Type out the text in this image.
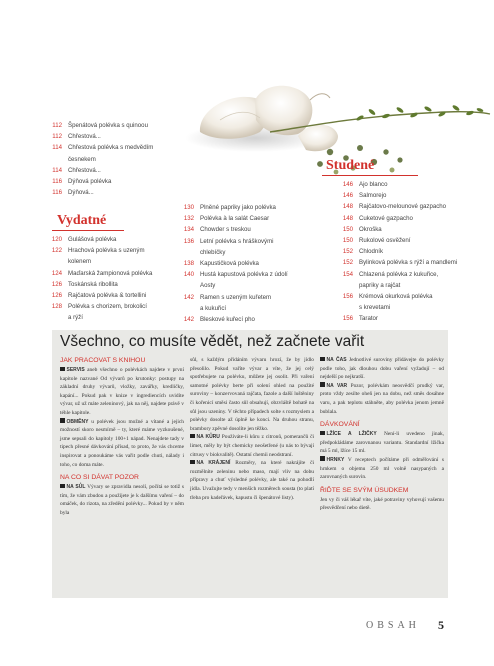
112 Špenátová polévka s quinoou
112 Chřestová...
114 Chřestová polévka s medvědím
česnekem
114 Chřestová...
116 Dýňová polévka
116 Dýňová...
Vydatné
120 Gulášová polévka
122 Hrachová polévka s uzeným
kolenem
124 Maďarská žampionová polévka
126 Toskánská ribollita
126 Rajčatová polévka & tortellini
128 Polévka s chorizem, brokolicí
a rýží
130 Plněné papriky jako polévka
132 Polévka à la salát Caesar
134 Chowder s treskou
136 Letní polévka s hráškovými
chlebíčky
138 Kapustičková polévka
140 Hustá kapustová polévka z údolí
Aosty
142 Ramen s uzeným kuřetem
a kukuřicí
142 Bleskové kuřecí pho
Studené
146 Ajo blanco
146 Salmorejo
148 Rajčatovo-melounové gazpacho
148 Cuketové gazpacho
150 Okroška
150 Rukolové osvěžení
152 Chlodník
152 Bylinková polévka s rýží a mandlemi
154 Chlazená polévka z kukuřice,
papriky a rajčat
156 Krémová okurková polévka
s krevetami
156 Tarator
Všechno, co musíte vědět, než začnete vařit
JAK PRACOVAT S KNIHOU

SERVIS aneb všechno o polévkách najdete v první kapitole nazvané Od vývarů po krutonky: postupy na základní druhy vývarů, vložky, zavářky, kredličky, kapání... Pokud pak v knize v ingrediencích uvidíte vývar, už už máte zeleninový, jak na něj, najdete právě v téhle kapitole.

OBMĚNY u polévek jsou možné a vítané a jejich možností skoro nesmírně – ty, které máme vyzkoušené, jsme sepsali do kapitoly 100+1 nápad. Nenajdete tady v tipech přesné dávkování přísad, to proto, že vás chceme inspirovat a ponoukáme vás vařit podle chuti, nálady i toho, co doma máte.

NA CO SI DÁVAT POZOR

NA SŮL Vývary se zpravidla nesolí, počítá se totiž s tím, že vám zbudou a použijete je k dalšímu vaření – do omáček, do rizota, na zředění polévky... Pokud by v něm byla

sůl, s každým přidáním vývaru hrozí, že by jídlo přesolilo. Pokud vaříte vývar a víte, že jej celý spotřebujete na polévku, můžete jej osolit. Při vaření samotné polévky berte při solení ohled na použité suroviny – konzervovaná rajčata, fazole a další luštěniny či kořenicí směsi často sůl obsahují, obzvláště bohatě na sůl jsou uzeniny. V těchto případech solte s rozmyslem a polévky dosolte až úplně ke konci. Na druhou stranu, brambory zpěvné dosolíte jen těžko.

NA KŮRU Používáte-li kůru z citronů, pomerančů či limet, měly by být chemicky neošetřené (u nás to bývají citrusy v biokvalitě). Ostatní chemii neodstraní.

NA KRÁJENÍ Rozměry, na které nakrájíte či rozmělníte zeleninu nebo maso, mají vliv na dobu přípravy a chuť výsledné polévky, ale také na pohodlí jídla. Uvažujte tedy v menších rozměrech sousta (to platí třeba pro kadeřávek, kapustu či špenátové listy).

NA ČAS Jednotlivé suroviny přidávejte do polévky podle toho, jak dlouhou dobu vaření vyžadují – od nejdelší po nejkratší.

NA VAR Pozor, polévkám neosvědčí prudký var, proto vždy zesilte oheň jen na dobu, než směs dosáhne varu, a pak teplotu stáhněte, aby polévka jenom jemně bublala.

DÁVKOVÁNÍ

LŽÍCE A LŽIČKY Není-li uvedeno jinak, předpokládáme zarovnanou variantu. Standardní lžička má 5 ml, lžíce 15 ml.

HRNKY V receptech počítáme při odměřování s hrnkem o objemu 250 ml volně nasypaných a zarovnaných surovin.

ŘIĎTE SE SVÝM ÚSUDKEM

Jen vy či váš lékař víte, jaké potraviny vyhovují vašemu přesvědčení nebo dietě.

OBSAH 5
